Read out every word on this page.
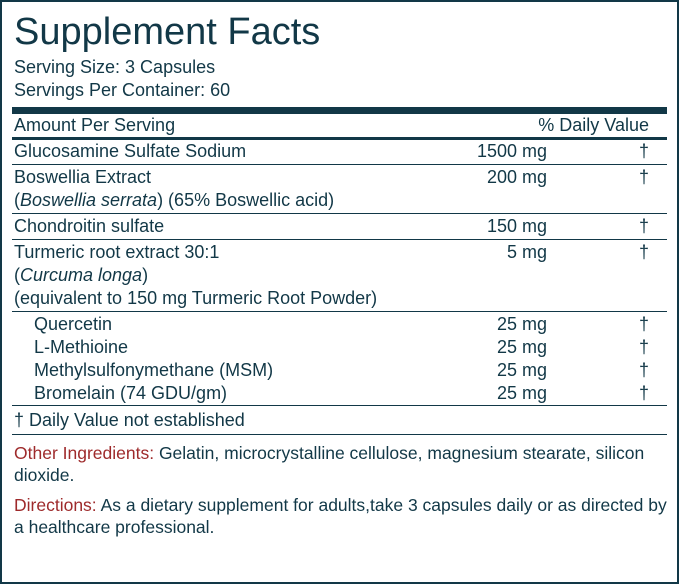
Supplement Facts
Serving Size: 3 Capsules
Servings Per Container: 60
Amount Per Serving		% Daily Value
Glucosamine Sulfate Sodium	1500 mg	†

Boswellia Extract	200 mg	†
(Boswellia serrata) (65% Boswellic acid)		

Chondroitin sulfate	150 mg	†

Turmeric root extract 30:1	5 mg	†
(Curcuma longa)		
(equivalent to 150 mg Turmeric Root Powder)		

Quercetin	25 mg	†
L-Methioine	25 mg	†
Methylsulfonymethane (MSM)	25 mg	†
Bromelain (74 GDU/gm)	25 mg	†
† Daily Value not established

Other Ingredients: Gelatin, microcrystalline cellulose, magnesium stearate, silicon dioxide.

Directions: As a dietary supplement for adults,take 3 capsules daily or as directed by a healthcare professional.
